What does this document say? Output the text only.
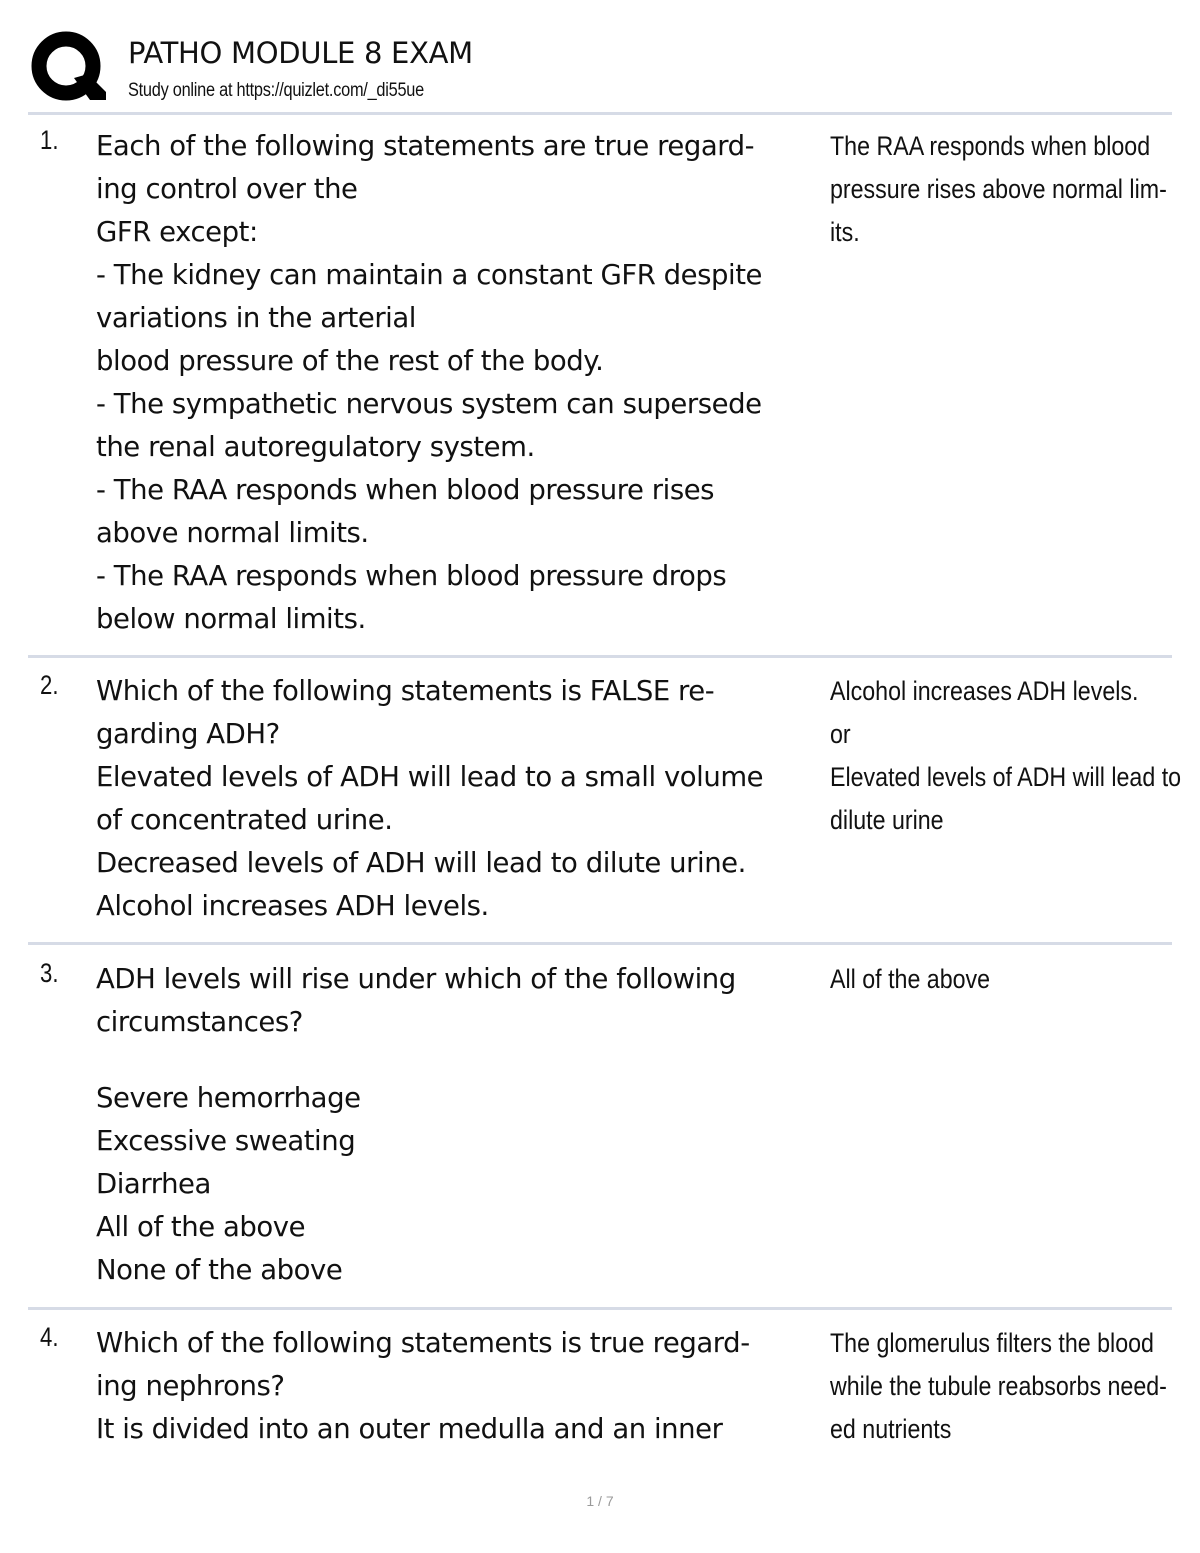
PATHO MODULE 8 EXAM
Study online at https://quizlet.com/_di55ue
1. Each of the following statements are true regard-
ing control over the
GFR except:
- The kidney can maintain a constant GFR despite
variations in the arterial
blood pressure of the rest of the body.
- The sympathetic nervous system can supersede
the renal autoregulatory system.
- The RAA responds when blood pressure rises
above normal limits.
- The RAA responds when blood pressure drops
below normal limits.
The RAA responds when blood
pressure rises above normal lim-
its.
2. Which of the following statements is FALSE re-
garding ADH?
Elevated levels of ADH will lead to a small volume
of concentrated urine.
Decreased levels of ADH will lead to dilute urine.
Alcohol increases ADH levels.
Alcohol increases ADH levels.
or
Elevated levels of ADH will lead to
dilute urine
3. ADH levels will rise under which of the following
circumstances?
Severe hemorrhage
Excessive sweating
Diarrhea
All of the above
None of the above
All of the above
4. Which of the following statements is true regard-
ing nephrons?
It is divided into an outer medulla and an inner
The glomerulus filters the blood
while the tubule reabsorbs need-
ed nutrients
1 / 7
